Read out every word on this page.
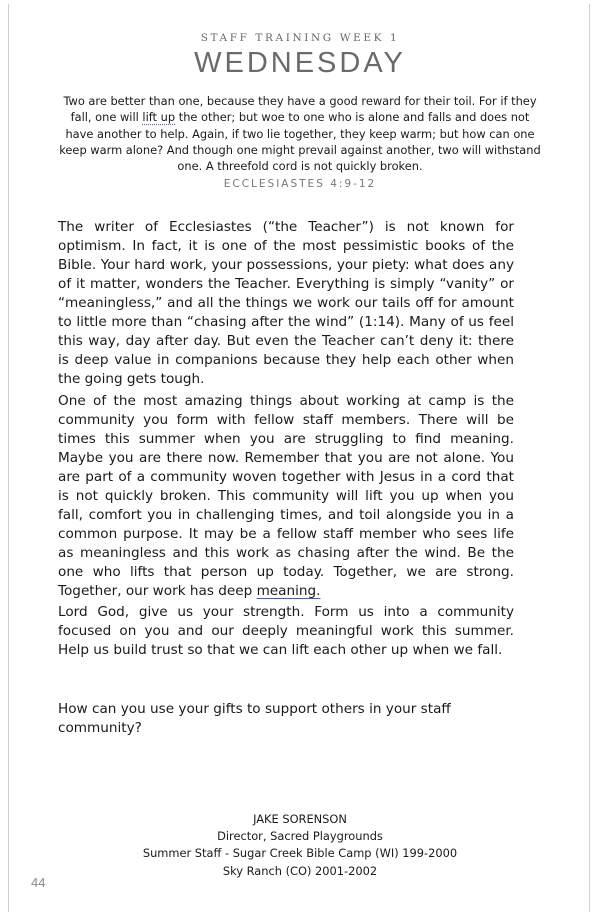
STAFF TRAINING WEEK 1

WEDNESDAY

Two are better than one, because they have a good reward for their toil. For if they fall, one will lift up the other; but woe to one who is alone and falls and does not have another to help. Again, if two lie together, they keep warm; but how can one keep warm alone? And though one might prevail against another, two will withstand one. A threefold cord is not quickly broken.

ECCLESIASTES 4:9-12

The writer of Ecclesiastes (“the Teacher”) is not known for optimism. In fact, it is one of the most pessimistic books of the Bible. Your hard work, your possessions, your piety: what does any of it matter, wonders the Teacher. Everything is simply “vanity” or “meaningless,” and all the things we work our tails off for amount to little more than “chasing after the wind” (1:14). Many of us feel this way, day after day. But even the Teacher can’t deny it: there is deep value in companions because they help each other when the going gets tough.

One of the most amazing things about working at camp is the community you form with fellow staff members. There will be times this summer when you are struggling to find meaning. Maybe you are there now. Remember that you are not alone. You are part of a community woven together with Jesus in a cord that is not quickly broken. This community will lift you up when you fall, comfort you in challenging times, and toil alongside you in a common purpose. It may be a fellow staff member who sees life as meaningless and this work as chasing after the wind. Be the one who lifts that person up today. Together, we are strong. Together, our work has deep meaning.

Lord God, give us your strength. Form us into a community focused on you and our deeply meaningful work this summer. Help us build trust so that we can lift each other up when we fall.

How can you use your gifts to support others in your staff community?

JAKE SORENSON
Director, Sacred Playgrounds
Summer Staff - Sugar Creek Bible Camp (WI) 199-2000
Sky Ranch (CO) 2001-2002
44
